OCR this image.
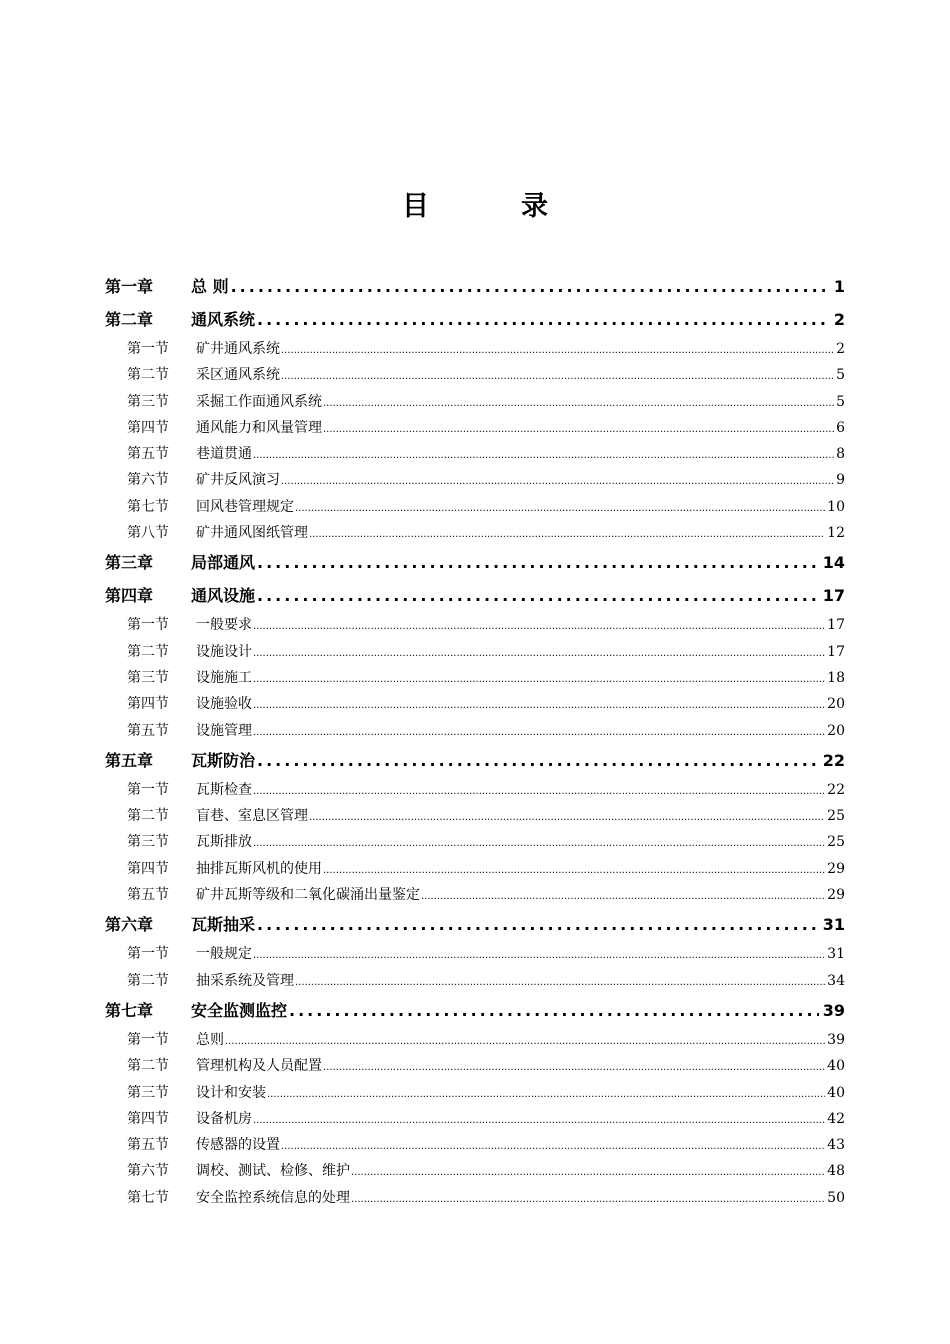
目	录
第一章	总 则 .....	1
第二章	通风系统 .....	2
第一节	矿井通风系统 .....	2
第二节	采区通风系统 .....	5
第三节	采掘工作面通风系统 .....	5
第四节	通风能力和风量管理 .....	6
第五节	巷道贯通 .....	8
第六节	矿井反风演习 .....	9
第七节	回风巷管理规定 .....	10
第八节	矿井通风图纸管理 .....	12
第三章	局部通风 .....	14
第四章	通风设施 .....	17
第一节	一般要求 .....	17
第二节	设施设计 .....	17
第三节	设施施工 .....	18
第四节	设施验收 .....	20
第五节	设施管理 .....	20
第五章	瓦斯防治 .....	22
第一节	瓦斯检查 .....	22
第二节	盲巷、室息区管理 .....	25
第三节	瓦斯排放 .....	25
第四节	抽排瓦斯风机的使用 .....	29
第五节	矿井瓦斯等级和二氧化碳涌出量鉴定 .....	29
第六章	瓦斯抽采 .....	31
第一节	一般规定 .....	31
第二节	抽采系统及管理 .....	34
第七章	安全监测监控 .....	39
第一节	总则 .....	39
第二节	管理机构及人员配置 .....	40
第三节	设计和安装 .....	40
第四节	设备机房 .....	42
第五节	传感器的设置 .....	43
第六节	调校、测试、检修、维护 .....	48
第七节	安全监控系统信息的处理 .....	50
